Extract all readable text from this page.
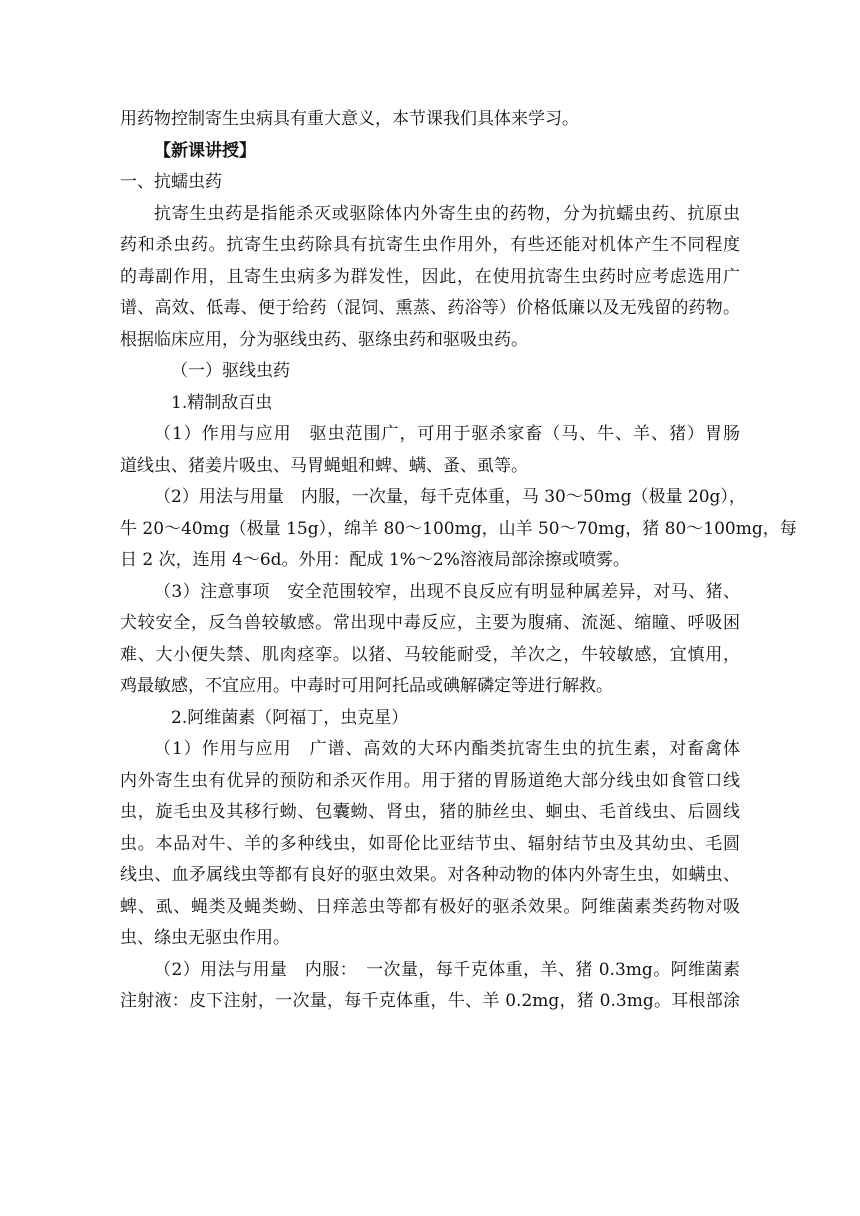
用药物控制寄生虫病具有重大意义，本节课我们具体来学习。
【新课讲授】
一、抗蠕虫药
抗寄生虫药是指能杀灭或驱除体内外寄生虫的药物，分为抗蠕虫药、抗原虫
药和杀虫药。抗寄生虫药除具有抗寄生虫作用外，有些还能对机体产生不同程度
的毒副作用，且寄生虫病多为群发性，因此，在使用抗寄生虫药时应考虑选用广
谱、高效、低毒、便于给药（混饲、熏蒸、药浴等）价格低廉以及无残留的药物。
根据临床应用，分为驱线虫药、驱绦虫药和驱吸虫药。
（一）驱线虫药
1.精制敌百虫
（1）作用与应用　驱虫范围广，可用于驱杀家畜（马、牛、羊、猪）胃肠
道线虫、猪姜片吸虫、马胃蝇蛆和蜱、螨、蚤、虱等。
（2）用法与用量　内服，一次量，每千克体重，马 30～50mg（极量 20g），
牛 20～40mg（极量 15g），绵羊 80～100mg，山羊 50～70mg，猪 80～100mg，每
日 2 次，连用 4～6d。外用：配成 1%～2%溶液局部涂擦或喷雾。
（3）注意事项　安全范围较窄，出现不良反应有明显种属差异，对马、猪、
犬较安全，反刍兽较敏感。常出现中毒反应，主要为腹痛、流涎、缩瞳、呼吸困
难、大小便失禁、肌肉痉挛。以猪、马较能耐受，羊次之，牛较敏感，宜慎用，
鸡最敏感，不宜应用。中毒时可用阿托品或碘解磷定等进行解救。
2.阿维菌素（阿福丁，虫克星）
（1）作用与应用　广谱、高效的大环内酯类抗寄生虫的抗生素，对畜禽体
内外寄生虫有优异的预防和杀灭作用。用于猪的胃肠道绝大部分线虫如食管口线
虫，旋毛虫及其移行蚴、包囊蚴、肾虫，猪的肺丝虫、蛔虫、毛首线虫、后圆线
虫。本品对牛、羊的多种线虫，如哥伦比亚结节虫、辐射结节虫及其幼虫、毛圆
线虫、血矛属线虫等都有良好的驱虫效果。对各种动物的体内外寄生虫，如螨虫、
蜱、虱、蝇类及蝇类蚴、日痒恙虫等都有极好的驱杀效果。阿维菌素类药物对吸
虫、绦虫无驱虫作用。
（2）用法与用量　内服：　一次量，每千克体重，羊、猪 0.3mg。阿维菌素
注射液：皮下注射，一次量，每千克体重，牛、羊 0.2mg，猪 0.3mg。耳根部涂
